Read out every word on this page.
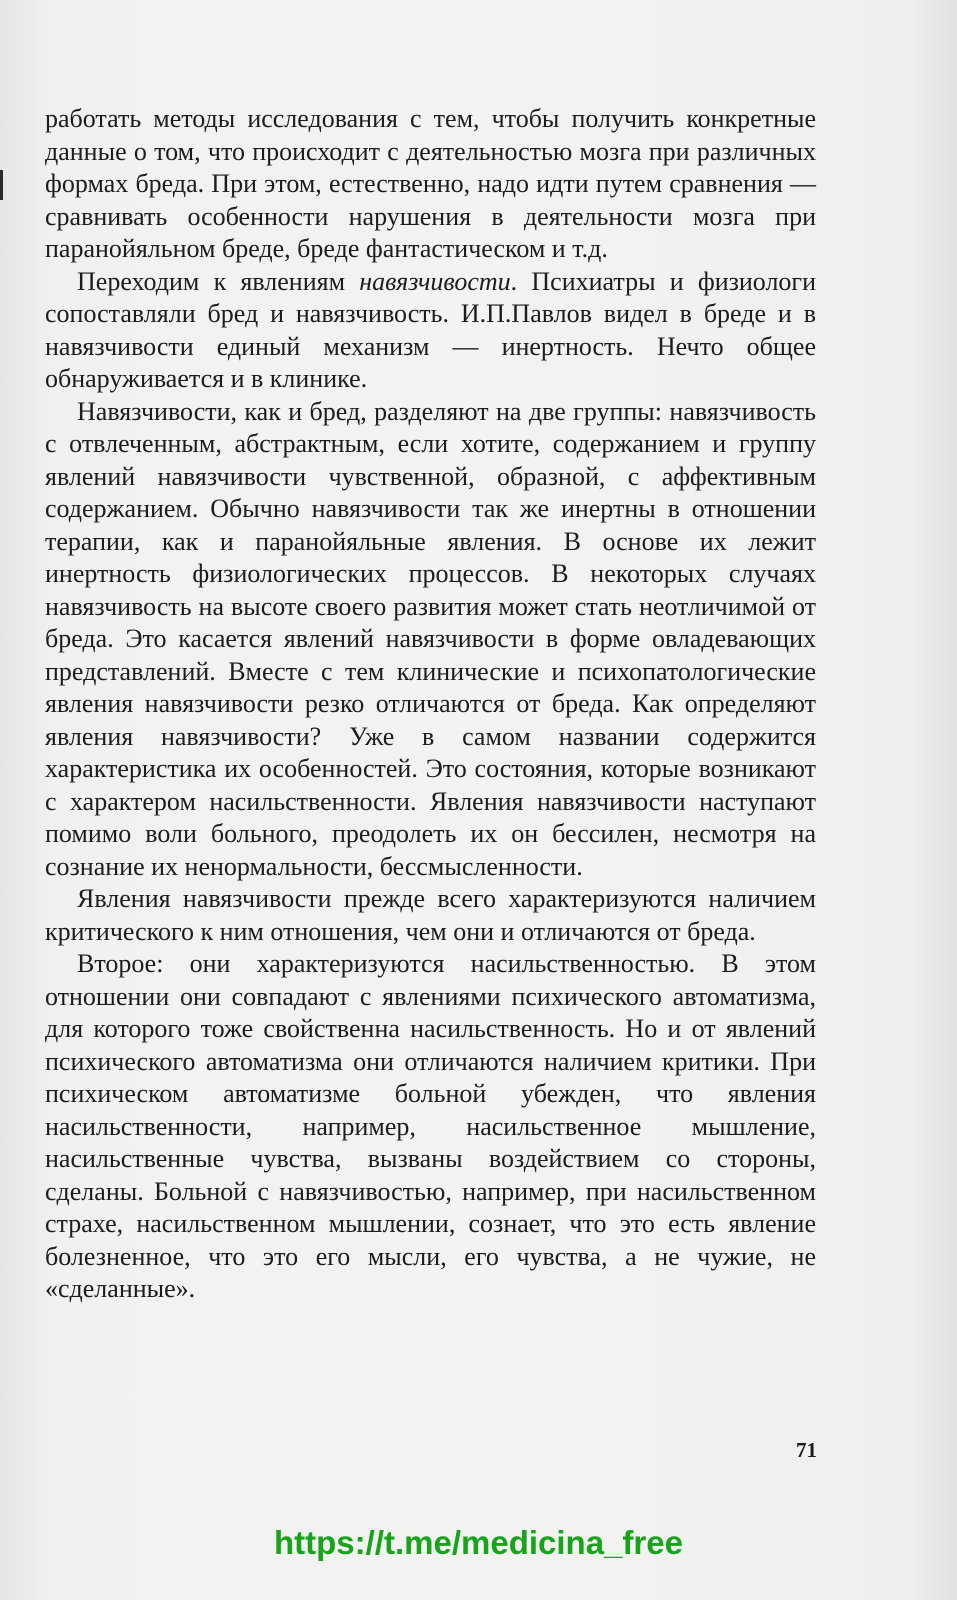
работать методы исследования с тем, чтобы получить конкретные данные о том, что происходит с деятельностью мозга при различных формах бреда. При этом, естественно, надо идти путем сравнения — сравнивать особенности нарушения в деятельности мозга при паранойяльном бреде, бреде фантастическом и т.д.

Переходим к явлениям навязчивости. Психиатры и физиологи сопоставляли бред и навязчивость. И.П.Павлов видел в бреде и в навязчивости единый механизм — инертность. Нечто общее обнаруживается и в клинике.

Навязчивости, как и бред, разделяют на две группы: навязчивость с отвлеченным, абстрактным, если хотите, содержанием и группу явлений навязчивости чувственной, образной, с аффективным содержанием. Обычно навязчивости так же инертны в отношении терапии, как и паранойяльные явления. В основе их лежит инертность физиологических процессов. В некоторых случаях навязчивость на высоте своего развития может стать неотличимой от бреда. Это касается явлений навязчивости в форме овладевающих представлений. Вместе с тем клинические и психопатологические явления навязчивости резко отличаются от бреда. Как определяют явления навязчивости? Уже в самом названии содержится характеристика их особенностей. Это состояния, которые возникают с характером насильственности. Явления навязчивости наступают помимо воли больного, преодолеть их он бессилен, несмотря на сознание их ненормальности, бессмысленности.

Явления навязчивости прежде всего характеризуются наличием критического к ним отношения, чем они и отличаются от бреда.

Второе: они характеризуются насильственностью. В этом отношении они совпадают с явлениями психического автоматизма, для которого тоже свойственна насильственность. Но и от явлений психического автоматизма они отличаются наличием критики. При психическом автоматизме больной убежден, что явления насильственности, например, насильственное мышление, насильственные чувства, вызваны воздействием со стороны, сделаны. Больной с навязчивостью, например, при насильственном страхе, насильственном мышлении, сознает, что это есть явление болезненное, что это его мысли, его чувства, а не чужие, не «сделанные».

71
https://t.me/medicina_free
